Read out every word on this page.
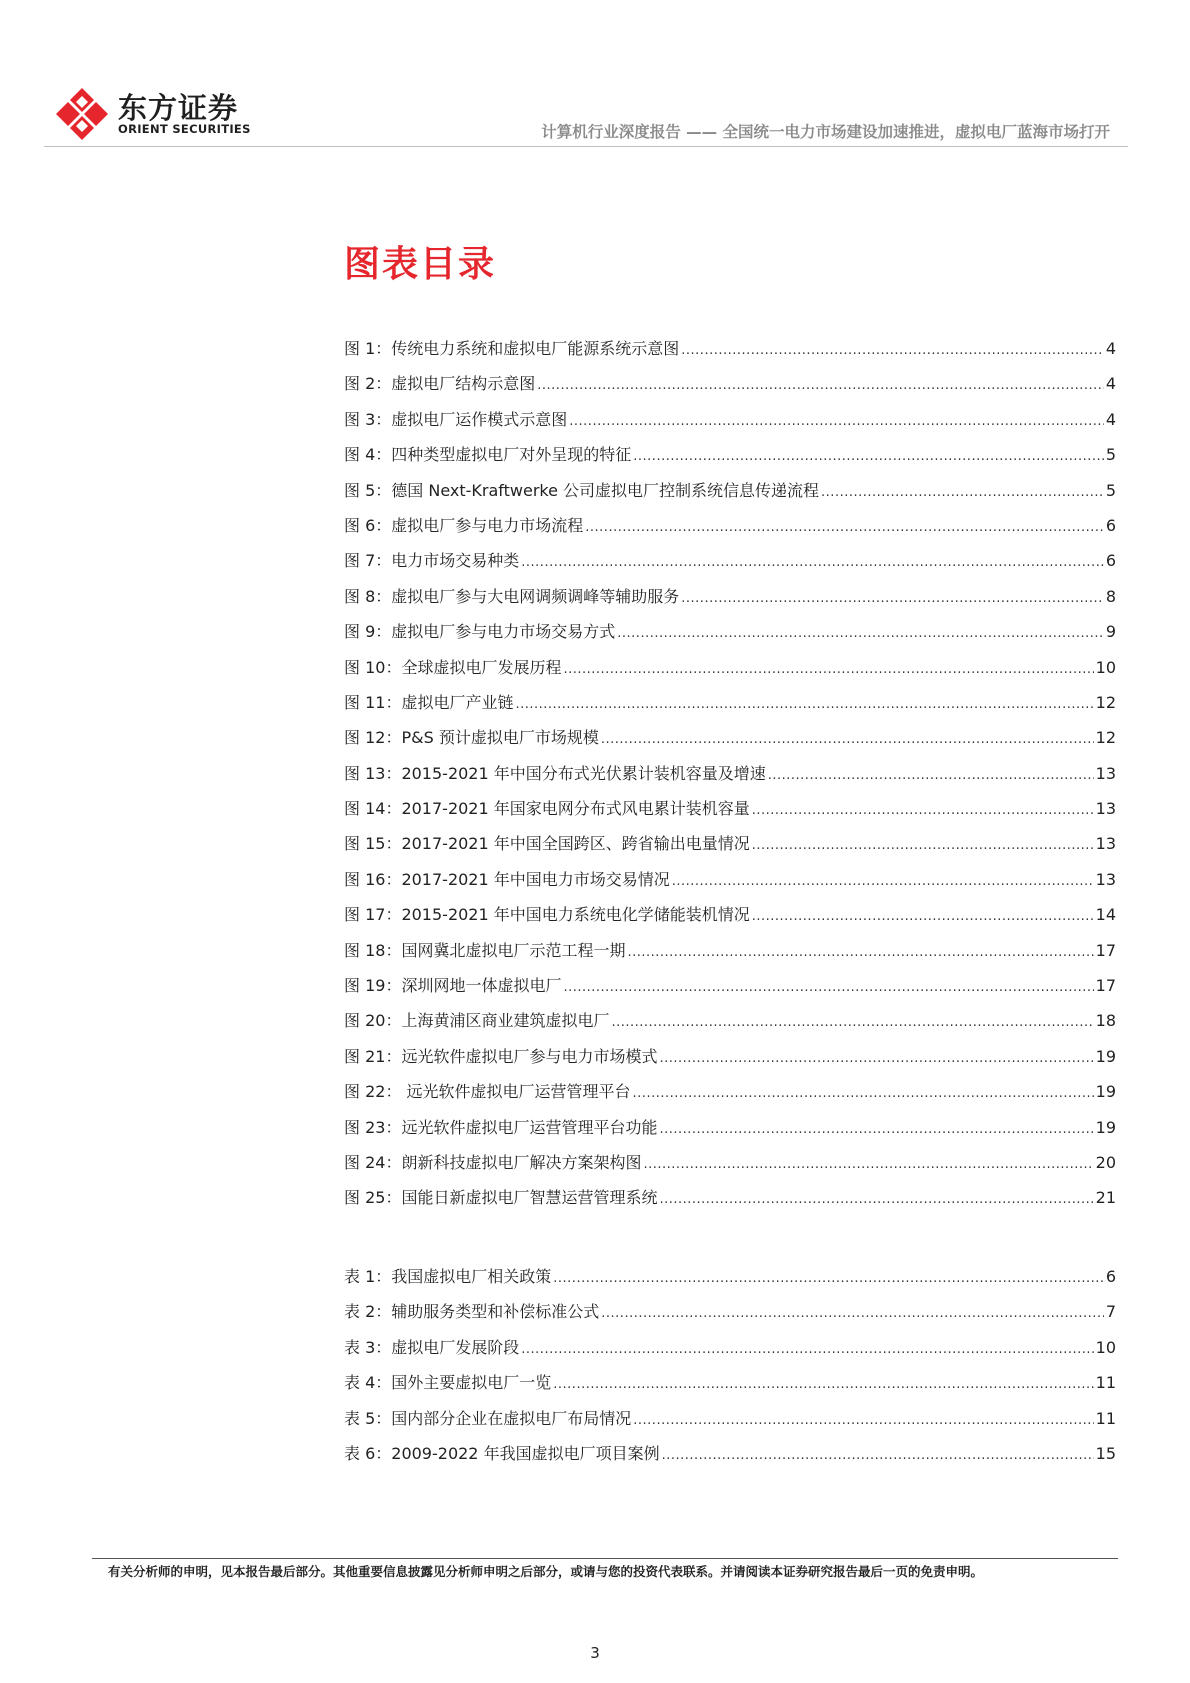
东方证券
ORIENT SECURITIES	计算机行业深度报告 —— 全国统一电力市场建设加速推进，虚拟电厂蓝海市场打开
图表目录
图 1：传统电力系统和虚拟电厂能源系统示意图 .....	4
图 2：虚拟电厂结构示意图 .....	4
图 3：虚拟电厂运作模式示意图 .....	4
图 4：四种类型虚拟电厂对外呈现的特征 .....	5
图 5：德国 Next-Kraftwerke 公司虚拟电厂控制系统信息传递流程 .....	5
图 6：虚拟电厂参与电力市场流程 .....	6
图 7：电力市场交易种类 .....	6
图 8：虚拟电厂参与大电网调频调峰等辅助服务 .....	8
图 9：虚拟电厂参与电力市场交易方式 .....	9
图 10：全球虚拟电厂发展历程 .....	10
图 11：虚拟电厂产业链 .....	12
图 12：P&S 预计虚拟电厂市场规模 .....	12
图 13：2015-2021 年中国分布式光伏累计装机容量及增速 .....	13
图 14：2017-2021 年国家电网分布式风电累计装机容量 .....	13
图 15：2017-2021 年中国全国跨区、跨省输出电量情况 .....	13
图 16：2017-2021 年中国电力市场交易情况 .....	13
图 17：2015-2021 年中国电力系统电化学储能装机情况 .....	14
图 18：国网冀北虚拟电厂示范工程一期 .....	17
图 19：深圳网地一体虚拟电厂 .....	17
图 20：上海黄浦区商业建筑虚拟电厂 .....	18
图 21：远光软件虚拟电厂参与电力市场模式 .....	19
图 22： 远光软件虚拟电厂运营管理平台 .....	19
图 23：远光软件虚拟电厂运营管理平台功能 .....	19
图 24：朗新科技虚拟电厂解决方案架构图 .....	20
图 25：国能日新虚拟电厂智慧运营管理系统 .....	21
表 1：我国虚拟电厂相关政策 .....	6
表 2：辅助服务类型和补偿标准公式 .....	7
表 3：虚拟电厂发展阶段 .....	10
表 4：国外主要虚拟电厂一览 .....	11
表 5：国内部分企业在虚拟电厂布局情况 .....	11
表 6：2009-2022 年我国虚拟电厂项目案例 .....	15
有关分析师的申明，见本报告最后部分。其他重要信息披露见分析师申明之后部分，或请与您的投资代表联系。并请阅读本证券研究报告最后一页的免责申明。
3
